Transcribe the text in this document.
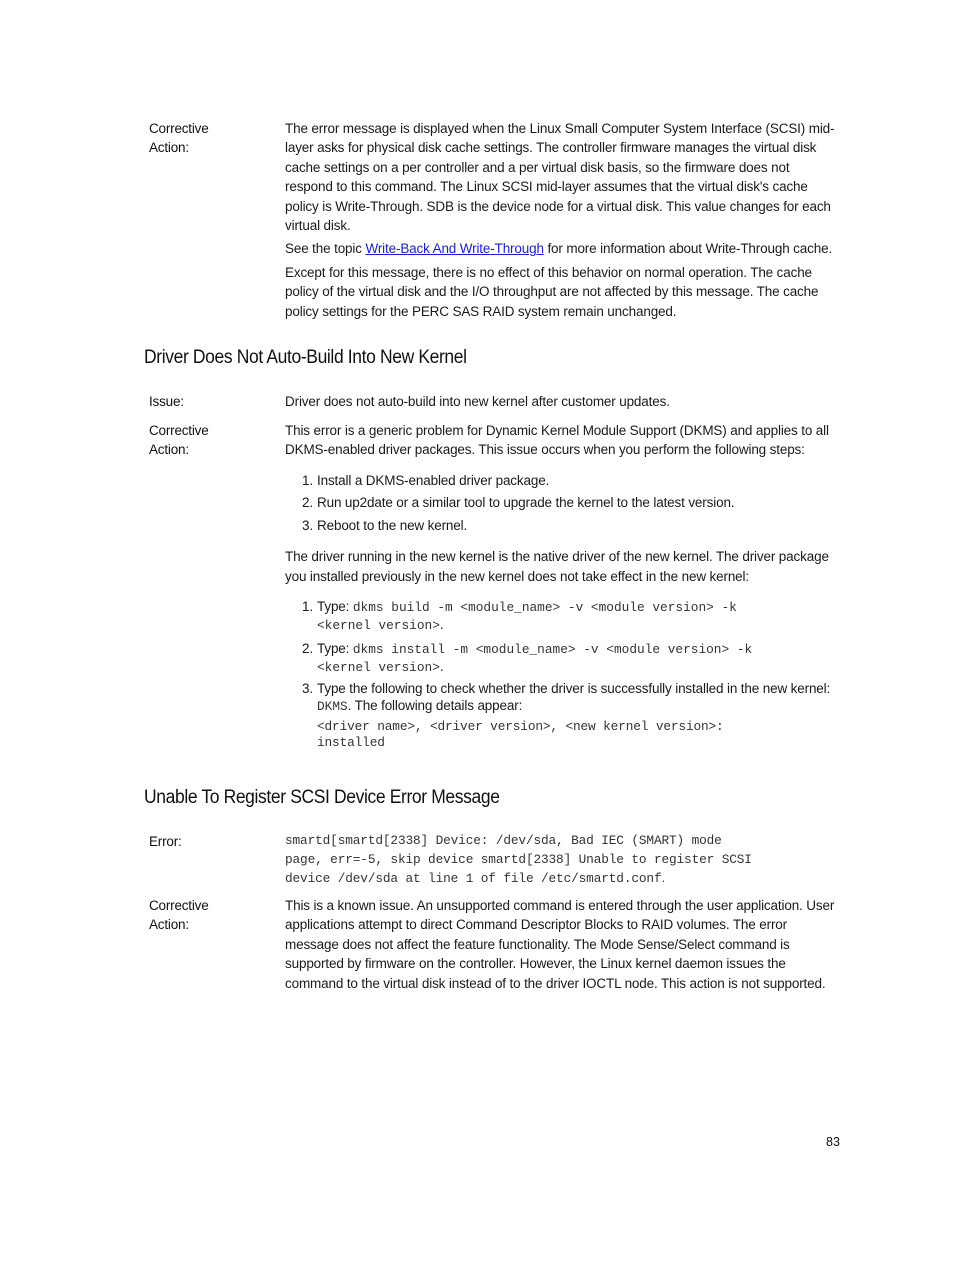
Corrective
Action:

The error message is displayed when the Linux Small Computer System Interface (SCSI) mid-layer asks for physical disk cache settings. The controller firmware manages the virtual disk cache settings on a per controller and a per virtual disk basis, so the firmware does not respond to this command. The Linux SCSI mid-layer assumes that the virtual disk's cache policy is Write-Through. SDB is the device node for a virtual disk. This value changes for each virtual disk.

See the topic Write-Back And Write-Through for more information about Write-Through cache.

Except for this message, there is no effect of this behavior on normal operation. The cache policy of the virtual disk and the I/O throughput are not affected by this message. The cache policy settings for the PERC SAS RAID system remain unchanged.

Driver Does Not Auto-Build Into New Kernel
Issue:	Driver does not auto-build into new kernel after customer updates.
Corrective
Action:

This error is a generic problem for Dynamic Kernel Module Support (DKMS) and applies to all DKMS-enabled driver packages. This issue occurs when you perform the following steps:

1. Install a DKMS-enabled driver package.
2. Run up2date or a similar tool to upgrade the kernel to the latest version.
3. Reboot to the new kernel.

The driver running in the new kernel is the native driver of the new kernel. The driver package you installed previously in the new kernel does not take effect in the new kernel:

1. Type: dkms build -m <module_name> -v <module version> -k
<kernel version>.
2. Type: dkms install -m <module_name> -v <module version> -k
<kernel version>.
3. Type the following to check whether the driver is successfully installed in the new kernel:
DKMS. The following details appear:
<driver name>, <driver version>, <new kernel version>:
installed
Unable To Register SCSI Device Error Message
Error:	smartd[smartd[2338] Device: /dev/sda, Bad IEC (SMART) mode
page, err=-5, skip device smartd[2338] Unable to register SCSI
device /dev/sda at line 1 of file /etc/smartd.conf.
Corrective
Action:

This is a known issue. An unsupported command is entered through the user application. User applications attempt to direct Command Descriptor Blocks to RAID volumes. The error message does not affect the feature functionality. The Mode Sense/Select command is supported by firmware on the controller. However, the Linux kernel daemon issues the command to the virtual disk instead of to the driver IOCTL node. This action is not supported.

83
